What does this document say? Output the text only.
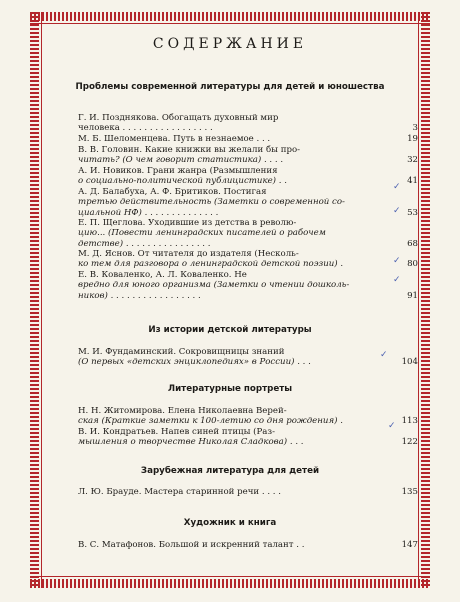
СОДЕРЖАНИЕ
Проблемы современной литературы для детей и юношества
Г. И. Позднякова. Обогащать духовный мир
человека . . . . . . . . . . . . . . . . .	3
М. Б. Шеломенцева. Путь в незнаемое . . .	19
В. В. Головин. Какие книжки вы желали бы про-
читать? (О чем говорит статистика) . . . .	32
А. И. Новиков. Грани жанра (Размышления
о социально-политической публицистике) . .	41
А. Д. Балабуха, А. Ф. Бритиков. Постигая
третью действительность (Заметки о современной со-
циальной НФ) . . . . . . . . . . . . . .	53
Е. П. Щеглова. Уходившие из детства в револю-
цию... (Повести ленинградских писателей о рабочем
детстве) . . . . . . . . . . . . . . . .	68
М. Д. Яснов. От читателя до издателя (Несколь-
ко тем для разговора о ленинградской детской поэзии) .	80
Е. В. Коваленко, А. Л. Коваленко. Не
вредно для юного организма (Заметки о чтении дошколь-
ников) . . . . . . . . . . . . . . . . .	91
Из истории детской литературы
М. И. Фундаминский. Сокровищницы знаний
(О первых «детских энциклопедиях» в России) . . .	104
Литературные портреты
Н. Н. Житомирова. Елена Николаевна Верей-
ская (Краткие заметки к 100-летию со дня рождения) .	113
В. И. Кондратьев. Напев синей птицы (Раз-
мышления о творчестве Николая Сладкова) . . .	122
Зарубежная литература для детей
Л. Ю. Брауде. Мастера старинной речи . . . .	135
Художник и книга
В. С. Матафонов. Большой и искренний талант . .	147
✓
✓
✓
✓
✓
✓
